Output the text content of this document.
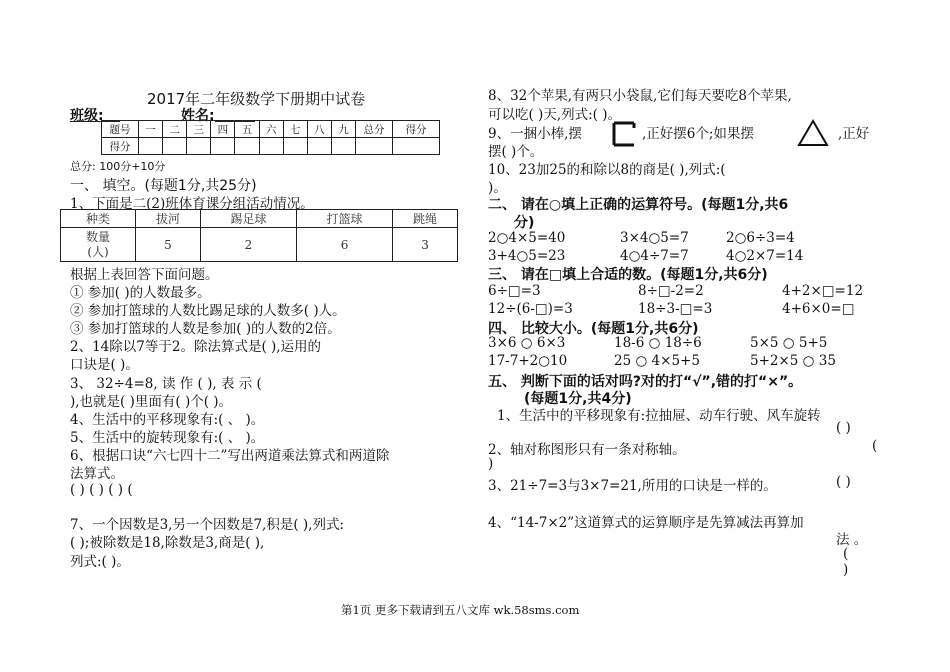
2017年二年级数学下册期中试卷
班级:	姓名:
题号	一	二	三	四	五	六	七	八	九	总分	得分
得分											
总分: 100分+10分
一、 填空。(每题1分,共25分)
1、下面是二(2)班体育课分组活动情况。
种类	拔河	踢足球	打篮球	跳绳

数量
(人)	5	2	6	3
根据上表回答下面问题。
① 参加( )的人数最多。
② 参加打篮球的人数比踢足球的人数多( )人。
③ 参加打篮球的人数是参加( )的人数的2倍。
2、14除以7等于2。除法算式是( ),运用的
口诀是( )。
3、 32÷4=8, 读 作 ( ), 表 示 (
),也就是( )里面有( )个( )。
4、生活中的平移现象有:( 、 )。
5、生活中的旋转现象有:( 、 )。
6、根据口诀“六七四十二”写出两道乘法算式和两道除
法算式。
( ) ( ) ( ) (
7、一个因数是3,另一个因数是7,积是( ),列式:
( );被除数是18,除数是3,商是( ),
列式:( )。
8、32个苹果,有两只小袋鼠,它们每天要吃8个苹果,
可以吃( )天,列式:( )。
9、一捆小棒,摆	,正好摆6个;如果摆	,正好
摆( )个。
10、23加25的和除以8的商是( ),列式:(
)。
二、 请在○填上正确的运算符号。(每题1分,共6
分)
2○4×5=40	3×4○5=7	2○6÷3=4
3+4○5=23	4○4÷7=7	4○2×7=14
三、 请在□填上合适的数。(每题1分,共6分)
6÷□=3	8÷□-2=2	4+2×□=12
12÷(6-□)=3	18÷3-□=3	4+6×0=□
四、 比较大小。(每题1分,共6分)
3×6 ○ 6×3	18-6 ○ 18÷6	5×5 ○ 5+5
17-7+2○10	25 ○ 4×5+5	5+2×5 ○ 35
五、 判断下面的话对吗?对的打“√”,错的打“×”。
(每题1分,共4分)
1、生活中的平移现象有:拉抽屉、动车行驶、风车旋转
( )
2、轴对称图形只有一条对称轴。	(
)
3、21÷7=3与3×7=21,所用的口诀是一样的。	( )
4、“14-7×2”这道算式的运算顺序是先算减法再算加
法 。
(
)
第1页 更多下载请到五八文库 wk.58sms.com
